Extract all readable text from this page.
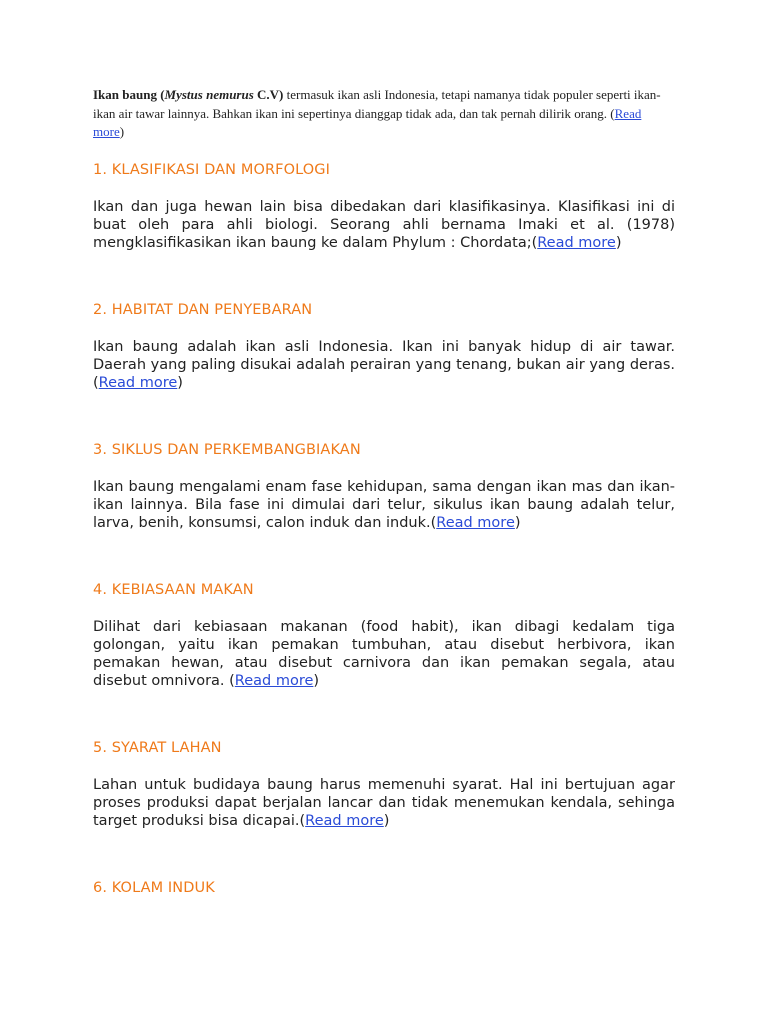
Ikan baung (Mystus nemurus C.V) termasuk ikan asli Indonesia, tetapi namanya tidak populer seperti ikan-ikan air tawar lainnya. Bahkan ikan ini sepertinya dianggap tidak ada, dan tak pernah dilirik orang. (Read more)

1. KLASIFIKASI DAN MORFOLOGI

Ikan dan juga hewan lain bisa dibedakan dari klasifikasinya. Klasifikasi ini di buat oleh para ahli biologi. Seorang ahli bernama Imaki et al. (1978) mengklasifikasikan ikan baung ke dalam Phylum : Chordata;(Read more)

2. HABITAT DAN PENYEBARAN

Ikan baung adalah ikan asli Indonesia. Ikan ini banyak hidup di air tawar. Daerah yang paling disukai adalah perairan yang tenang, bukan air yang deras. (Read more)

3. SIKLUS DAN PERKEMBANGBIAKAN

Ikan baung mengalami enam fase kehidupan, sama dengan ikan mas dan ikan-ikan lainnya. Bila fase ini dimulai dari telur, sikulus ikan baung adalah telur, larva, benih, konsumsi, calon induk dan induk.(Read more)

4. KEBIASAAN MAKAN

Dilihat dari kebiasaan makanan (food habit), ikan dibagi kedalam tiga golongan, yaitu ikan pemakan tumbuhan, atau disebut herbivora, ikan pemakan hewan, atau disebut carnivora dan ikan pemakan segala, atau disebut omnivora. (Read more)

5. SYARAT LAHAN

Lahan untuk budidaya baung harus memenuhi syarat. Hal ini bertujuan agar proses produksi dapat berjalan lancar dan tidak menemukan kendala, sehinga target produksi bisa dicapai.(Read more)

6. KOLAM INDUK
